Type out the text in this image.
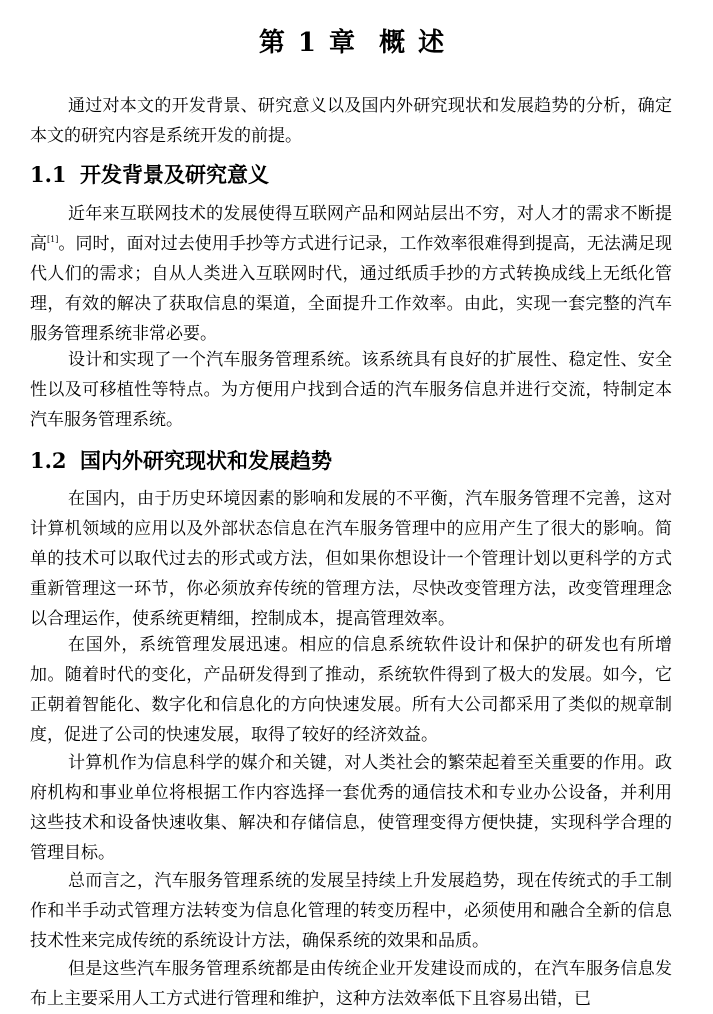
第 1 章 概 述

通过对本文的开发背景、研究意义以及国内外研究现状和发展趋势的分析，确定本文的研究内容是系统开发的前提。

1.1 开发背景及研究意义

近年来互联网技术的发展使得互联网产品和网站层出不穷，对人才的需求不断提高[1]。同时，面对过去使用手抄等方式进行记录，工作效率很难得到提高，无法满足现代人们的需求；自从人类进入互联网时代，通过纸质手抄的方式转换成线上无纸化管理，有效的解决了获取信息的渠道，全面提升工作效率。由此，实现一套完整的汽车服务管理系统非常必要。

设计和实现了一个汽车服务管理系统。该系统具有良好的扩展性、稳定性、安全性以及可移植性等特点。为方便用户找到合适的汽车服务信息并进行交流，特制定本汽车服务管理系统。

1.2 国内外研究现状和发展趋势

在国内，由于历史环境因素的影响和发展的不平衡，汽车服务管理不完善，这对计算机领域的应用以及外部状态信息在汽车服务管理中的应用产生了很大的影响。简单的技术可以取代过去的形式或方法，但如果你想设计一个管理计划以更科学的方式重新管理这一环节，你必须放弃传统的管理方法，尽快改变管理方法，改变管理理念以合理运作，使系统更精细，控制成本，提高管理效率。

在国外，系统管理发展迅速。相应的信息系统软件设计和保护的研发也有所增加。随着时代的变化，产品研发得到了推动，系统软件得到了极大的发展。如今，它正朝着智能化、数字化和信息化的方向快速发展。所有大公司都采用了类似的规章制度，促进了公司的快速发展，取得了较好的经济效益。

计算机作为信息科学的媒介和关键，对人类社会的繁荣起着至关重要的作用。政府机构和事业单位将根据工作内容选择一套优秀的通信技术和专业办公设备，并利用这些技术和设备快速收集、解决和存储信息，使管理变得方便快捷，实现科学合理的管理目标。

总而言之，汽车服务管理系统的发展呈持续上升发展趋势，现在传统式的手工制作和半手动式管理方法转变为信息化管理的转变历程中，必须使用和融合全新的信息技术性来完成传统的系统设计方法，确保系统的效果和品质。

但是这些汽车服务管理系统都是由传统企业开发建设而成的，在汽车服务信息发布上主要采用人工方式进行管理和维护，这种方法效率低下且容易出错，已
